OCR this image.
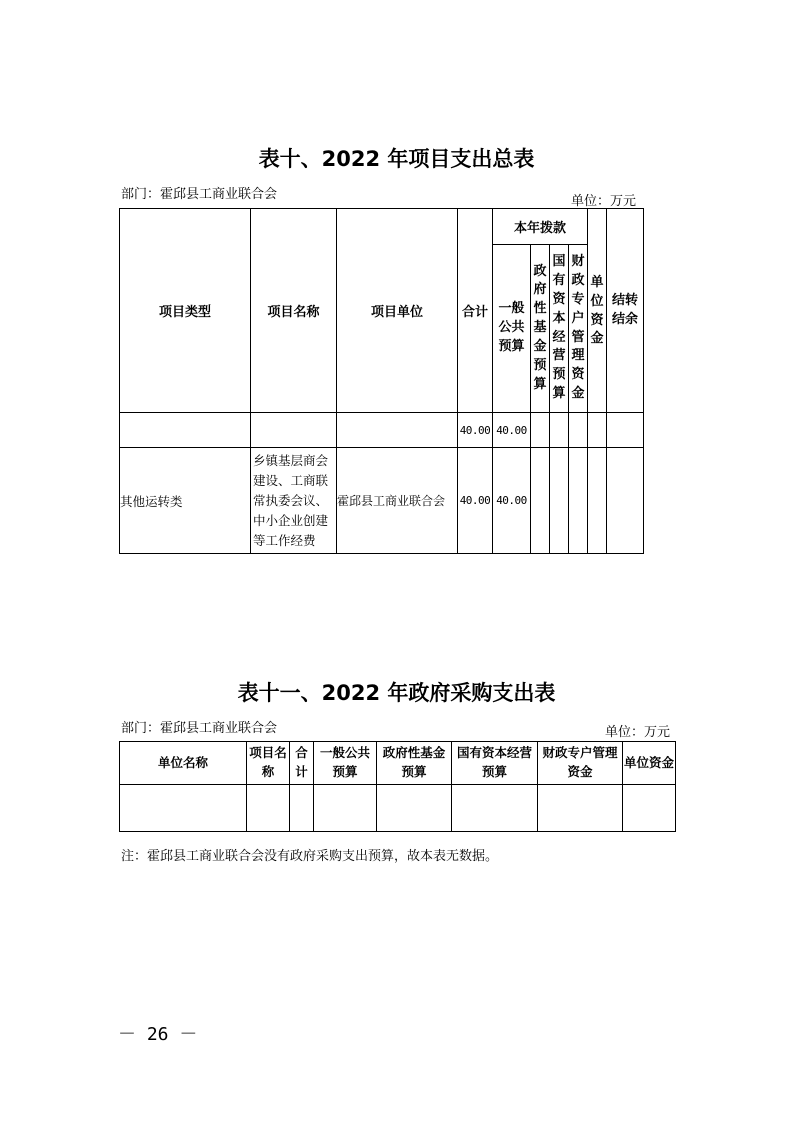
表十、2022 年项目支出总表
部门：霍邱县工商业联合会	单位：万元
项目类型	项目名称	项目单位	合计	本年拨款				单位资金	结转结余

				一般公共预算	政府性基金预算	国有资本经营预算	财政专户管理资金		

			40.00	40.00					
其他运转类	乡镇基层商会建设、工商联常执委会议、中小企业创建等工作经费	霍邱县工商业联合会	40.00	40.00					
表十一、2022 年政府采购支出表
部门：霍邱县工商业联合会	单位：万元
单位名称	项目名称	合计	一般公共预算	政府性基金预算	国有资本经营预算	财政专户管理资金	单位资金

注：霍邱县工商业联合会没有政府采购支出预算，故本表无数据。
－ 26 －
